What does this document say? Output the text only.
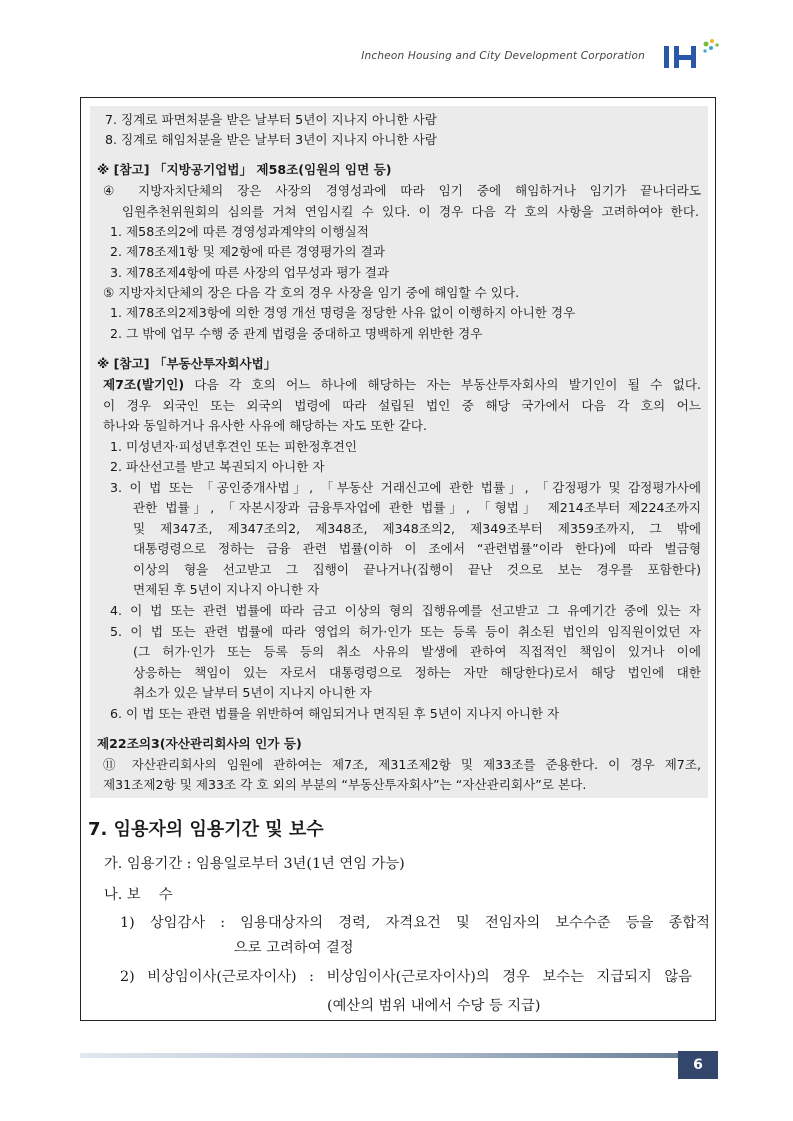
Incheon Housing and City Development Corporation
7. 징계로 파면처분을 받은 날부터 5년이 지나지 아니한 사람
8. 징계로 해임처분을 받은 날부터 3년이 지나지 아니한 사람
※ [참고] 「지방공기업법」 제58조(임원의 임면 등)
④ 지방자치단체의 장은 사장의 경영성과에 따라 임기 중에 해임하거나 임기가 끝나더라도
임원추천위원회의 심의를 거쳐 연임시킬 수 있다. 이 경우 다음 각 호의 사항을 고려하여야 한다.
1. 제58조의2에 따른 경영성과계약의 이행실적
2. 제78조제1항 및 제2항에 따른 경영평가의 결과
3. 제78조제4항에 따른 사장의 업무성과 평가 결과
⑤ 지방자치단체의 장은 다음 각 호의 경우 사장을 임기 중에 해임할 수 있다.
1. 제78조의2제3항에 의한 경영 개선 명령을 정당한 사유 없이 이행하지 아니한 경우
2. 그 밖에 업무 수행 중 관계 법령을 중대하고 명백하게 위반한 경우
※ [참고] 「부동산투자회사법」
제7조(발기인) 다음 각 호의 어느 하나에 해당하는 자는 부동산투자회사의 발기인이 될 수 없다.
이 경우 외국인 또는 외국의 법령에 따라 설립된 법인 중 해당 국가에서 다음 각 호의 어느
하나와 동일하거나 유사한 사유에 해당하는 자도 또한 같다.
1. 미성년자·피성년후견인 또는 피한정후견인
2. 파산선고를 받고 복권되지 아니한 자
3. 이 법 또는 「공인중개사법」, 「부동산 거래신고에 관한 법률」, 「감정평가 및 감정평가사에
관한 법률」, 「자본시장과 금융투자업에 관한 법률」, 「형법」 제214조부터 제224조까지
및 제347조, 제347조의2, 제348조, 제348조의2, 제349조부터 제359조까지, 그 밖에
대통령령으로 정하는 금융 관련 법률(이하 이 조에서 “관련법률”이라 한다)에 따라 벌금형
이상의 형을 선고받고 그 집행이 끝나거나(집행이 끝난 것으로 보는 경우를 포함한다)
면제된 후 5년이 지나지 아니한 자
4. 이 법 또는 관련 법률에 따라 금고 이상의 형의 집행유예를 선고받고 그 유예기간 중에 있는 자
5. 이 법 또는 관련 법률에 따라 영업의 허가·인가 또는 등록 등이 취소된 법인의 임직원이었던 자
(그 허가·인가 또는 등록 등의 취소 사유의 발생에 관하여 직접적인 책임이 있거나 이에
상응하는 책임이 있는 자로서 대통령령으로 정하는 자만 해당한다)로서 해당 법인에 대한
취소가 있은 날부터 5년이 지나지 아니한 자
6. 이 법 또는 관련 법률을 위반하여 해임되거나 면직된 후 5년이 지나지 아니한 자
제22조의3(자산관리회사의 인가 등)
⑪ 자산관리회사의 임원에 관하여는 제7조, 제31조제2항 및 제33조를 준용한다. 이 경우 제7조,
제31조제2항 및 제33조 각 호 외의 부분의 “부동산투자회사”는 “자산관리회사”로 본다.
7. 임용자의 임용기간 및 보수
가. 임용기간 : 임용일로부터 3년(1년 연임 가능)
나. 보    수
1) 상임감사 : 임용대상자의 경력, 자격요건 및 전임자의 보수수준 등을 종합적
으로 고려하여 결정
2) 비상임이사(근로자이사) : 비상임이사(근로자이사)의 경우 보수는 지급되지 않음
(예산의 범위 내에서 수당 등 지급)
6
